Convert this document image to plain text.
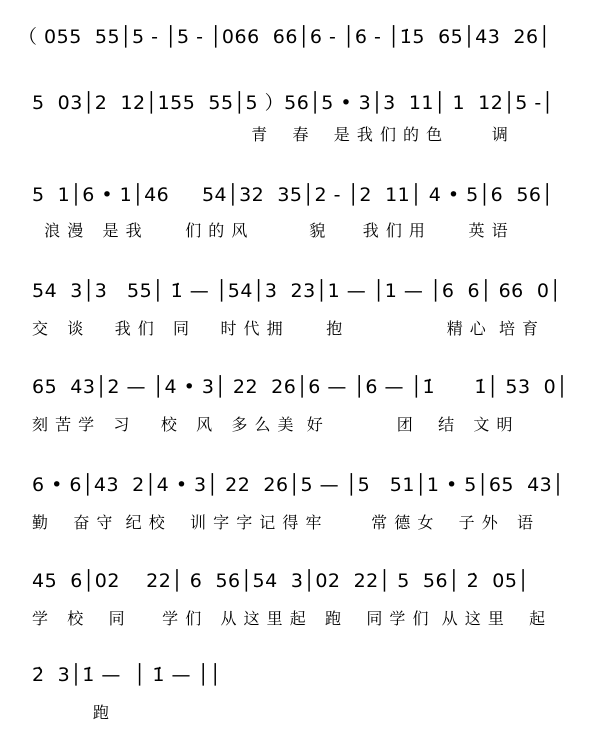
（ 055  55│5 - │5 - │066  66│6 - │6 - │1̇5  65│43  26│
5  03│2  12│155  55│5 ）56│5 • 3│3  11│ 1  12│5 -│
青    春    是 我 们 的 色        调
5  1│6 • 1│46     54│32  35│2 - │2  11│ 4 • 5│6  56│
浪 漫   是 我       们 的 风          貌      我 们 用       英 语
54  3│3   55│ 1̇ — │54│3  23│1 — │1 — │6  6│ 66  0│
交   谈     我 们   同     时 代 拥       抱                 精 心  培 育
65  43│2 — │4 • 3│ 22  26│6 — │6 — │1̇      1̇│ 53  0│
刻 苦 学   习     校   风   多 么 美  好            团    结   文 明
6 • 6│43  2│4 • 3│ 22  26│5 — │5   51│1 • 5│65  43│
勤    奋 守  纪 校    训 字 字 记 得 牢        常 德 女    子 外   语
45  6│02    22│ 6  56│54  3│02  22│ 5  56│ 2̇  05│
学   校    同      学 们   从 这 里 起   跑    同 学 们  从 这 里    起
2̇  3│1̇ —  │ 1̇ — ││
跑
